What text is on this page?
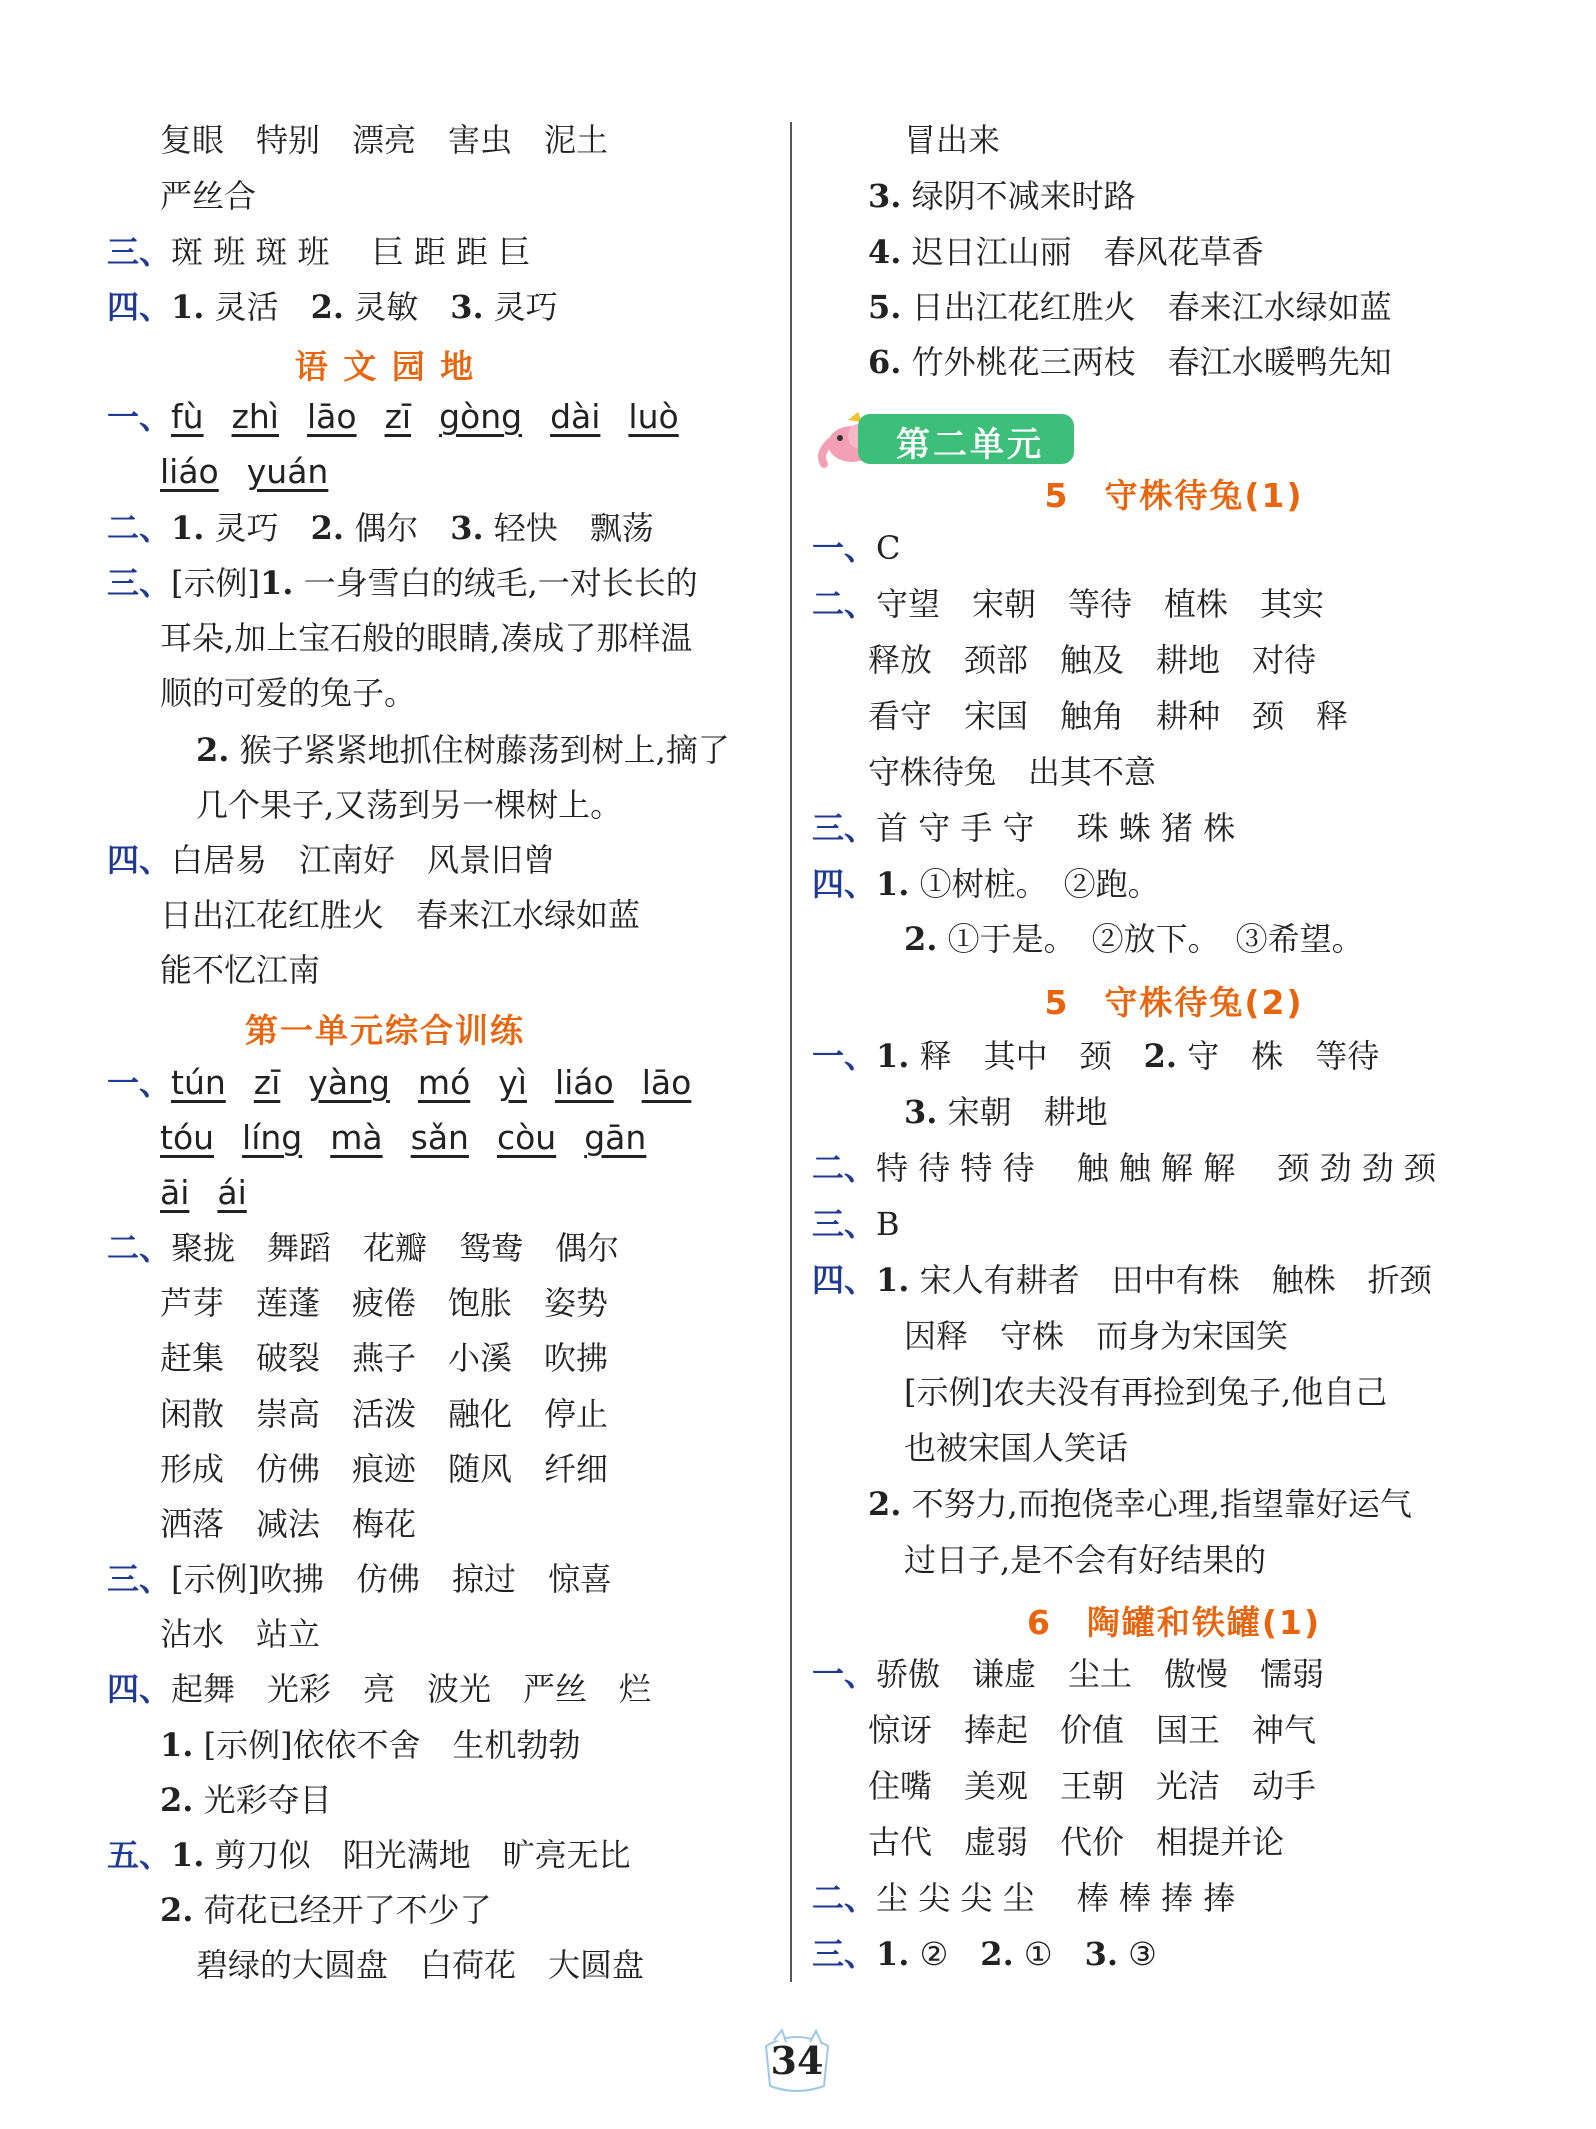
复眼　特别　漂亮　害虫　泥土
严丝合
三、斑 班 斑 班　 巨 距 距 巨
四、1. 灵活　2. 灵敏　3. 灵巧
语 文 园 地
一、fù zhì lāo zī gòng dài luò
liáo yuán
二、1. 灵巧　2. 偶尔　3. 轻快　飘荡
三、[示例]1. 一身雪白的绒毛,一对长长的
耳朵,加上宝石般的眼睛,凑成了那样温
顺的可爱的兔子。
2. 猴子紧紧地抓住树藤荡到树上,摘了
几个果子,又荡到另一棵树上。
四、白居易　江南好　风景旧曾
日出江花红胜火　春来江水绿如蓝
能不忆江南
第一单元综合训练
一、tún zī yàng mó yì liáo lāo
tóu líng mà sǎn còu gān
āi ái
二、聚拢　舞蹈　花瓣　鸳鸯　偶尔
芦芽　莲蓬　疲倦　饱胀　姿势
赶集　破裂　燕子　小溪　吹拂
闲散　崇高　活泼　融化　停止
形成　仿佛　痕迹　随风　纤细
洒落　减法　梅花
三、[示例]吹拂　仿佛　掠过　惊喜
沾水　站立
四、起舞　光彩　亮　波光　严丝　烂
1. [示例]依依不舍　生机勃勃
2. 光彩夺目
五、1. 剪刀似　阳光满地　旷亮无比
2. 荷花已经开了不少了
碧绿的大圆盘　白荷花　大圆盘
冒出来
3. 绿阴不减来时路
4. 迟日江山丽　春风花草香
5. 日出江花红胜火　春来江水绿如蓝
6. 竹外桃花三两枝　春江水暖鸭先知
第二单元
5　守株待兔(1)
一、C
二、守望　宋朝　等待　植株　其实
释放　颈部　触及　耕地　对待
看守　宋国　触角　耕种　颈　释
守株待兔　出其不意
三、首 守 手 守　 珠 蛛 猪 株
四、1. ①树桩。　②跑。
2. ①于是。　②放下。　③希望。
5　守株待兔(2)
一、1. 释　其中　颈　2. 守　株　等待
3. 宋朝　耕地
二、特 待 特 待　 触 触 解 解　 颈 劲 劲 颈
三、B
四、1. 宋人有耕者　田中有株　触株　折颈
因释　守株　而身为宋国笑
[示例]农夫没有再捡到兔子,他自己
也被宋国人笑话
2. 不努力,而抱侥幸心理,指望靠好运气
过日子,是不会有好结果的
6　陶罐和铁罐(1)
一、骄傲　谦虚　尘土　傲慢　懦弱
惊讶　捧起　价值　国王　神气
住嘴　美观　王朝　光洁　动手
古代　虚弱　代价　相提并论
二、尘 尖 尖 尘　 棒 棒 捧 捧
三、1. ②　2. ①　3. ③
34
